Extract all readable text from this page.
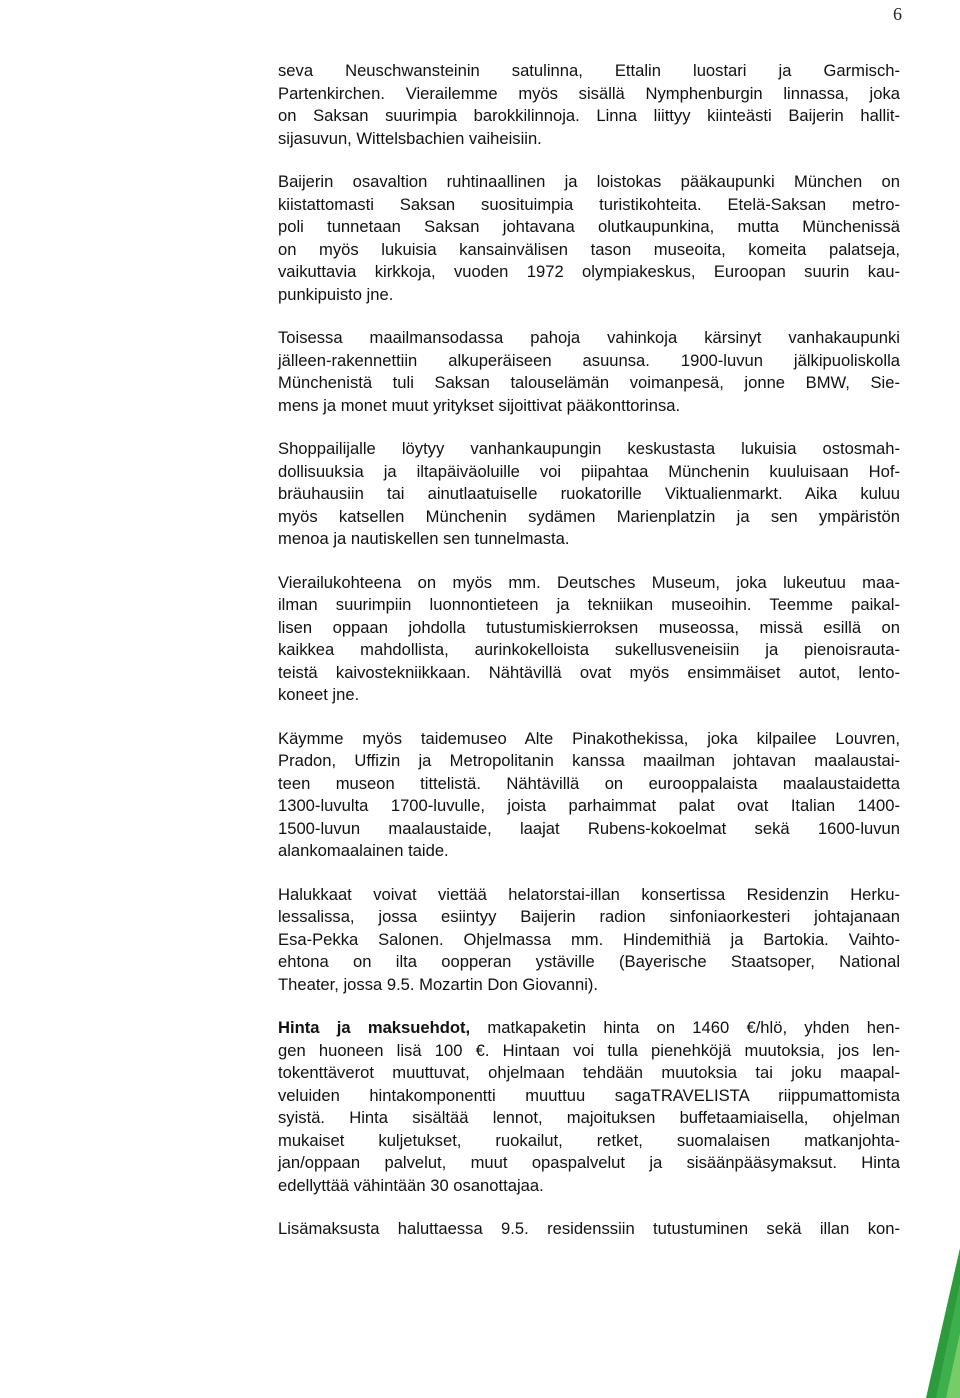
6
seva Neuschwansteinin satulinna, Ettalin luostari ja Garmisch-
Partenkirchen. Vierailemme myös sisällä Nymphenburgin linnassa, joka
on Saksan suurimpia barokkilinnoja. Linna liittyy kiinteästi Baijerin hallit-
sijasuvun, Wittelsbachien vaiheisiin.
Baijerin osavaltion ruhtinaallinen ja loistokas pääkaupunki München on
kiistattomasti Saksan suosituimpia turistikohteita. Etelä-Saksan metro-
poli tunnetaan Saksan johtavana olutkaupunkina, mutta Münchenissä
on myös lukuisia kansainvälisen tason museoita, komeita palatseja,
vaikuttavia kirkkoja, vuoden 1972 olympiakeskus, Euroopan suurin kau-
punkipuisto jne.
Toisessa maailmansodassa pahoja vahinkoja kärsinyt vanhakaupunki
jälleen-rakennettiin alkuperäiseen asuunsa. 1900-luvun jälkipuoliskolla
Münchenistä tuli Saksan talouselämän voimanpesä, jonne BMW, Sie-
mens ja monet muut yritykset sijoittivat pääkonttorinsa.
Shoppailijalle löytyy vanhankaupungin keskustasta lukuisia ostosmah-
dollisuuksia ja iltapäiväoluille voi piipahtaa Münchenin kuuluisaan Hof-
bräuhausiin tai ainutlaatuiselle ruokatorille Viktualienmarkt. Aika kuluu
myös katsellen Münchenin sydämen Marienplatzin ja sen ympäristön
menoa ja nautiskellen sen tunnelmasta.
Vierailukohteena on myös mm. Deutsches Museum, joka lukeutuu maa-
ilman suurimpiin luonnontieteen ja tekniikan museoihin. Teemme paikal-
lisen oppaan johdolla tutustumiskierroksen museossa, missä esillä on
kaikkea mahdollista, aurinkokelloista sukellusveneisiin ja pienoisrauta-
teistä kaivostekniikkaan. Nähtävillä ovat myös ensimmäiset autot, lento-
koneet jne.
Käymme myös taidemuseo Alte Pinakothekissa, joka kilpailee Louvren,
Pradon, Uffizin ja Metropolitanin kanssa maailman johtavan maalaustai-
teen museon tittelistä. Nähtävillä on eurooppalaista maalaustaidetta
1300-luvulta 1700-luvulle, joista parhaimmat palat ovat Italian 1400-
1500-luvun maalaustaide, laajat Rubens-kokoelmat sekä 1600-luvun
alankomaalainen taide.
Halukkaat voivat viettää helatorstai-illan konsertissa Residenzin Herku-
lessalissa, jossa esiintyy Baijerin radion sinfoniaorkesteri johtajanaan
Esa-Pekka Salonen. Ohjelmassa mm. Hindemithiä ja Bartokia. Vaihto-
ehtona on ilta oopperan ystäville (Bayerische Staatsoper, National
Theater, jossa 9.5. Mozartin Don Giovanni).
Hinta ja maksuehdot, matkapaketin hinta on 1460 €/hlö, yhden hen-
gen huoneen lisä 100 €. Hintaan voi tulla pienehköjä muutoksia, jos len-
tokenttäverot muuttuvat, ohjelmaan tehdään muutoksia tai joku maapal-
veluiden hintakomponentti muuttuu sagaTRAVELISTA riippumattomista
syistä. Hinta sisältää lennot, majoituksen buffetaamiaisella, ohjelman
mukaiset kuljetukset, ruokailut, retket, suomalaisen matkanjohta-
jan/oppaan palvelut, muut opaspalvelut ja sisäänpääsymaksut. Hinta
edellyttää vähintään 30 osanottajaa.
Lisämaksusta haluttaessa 9.5. residenssiin tutustuminen sekä illan kon-
